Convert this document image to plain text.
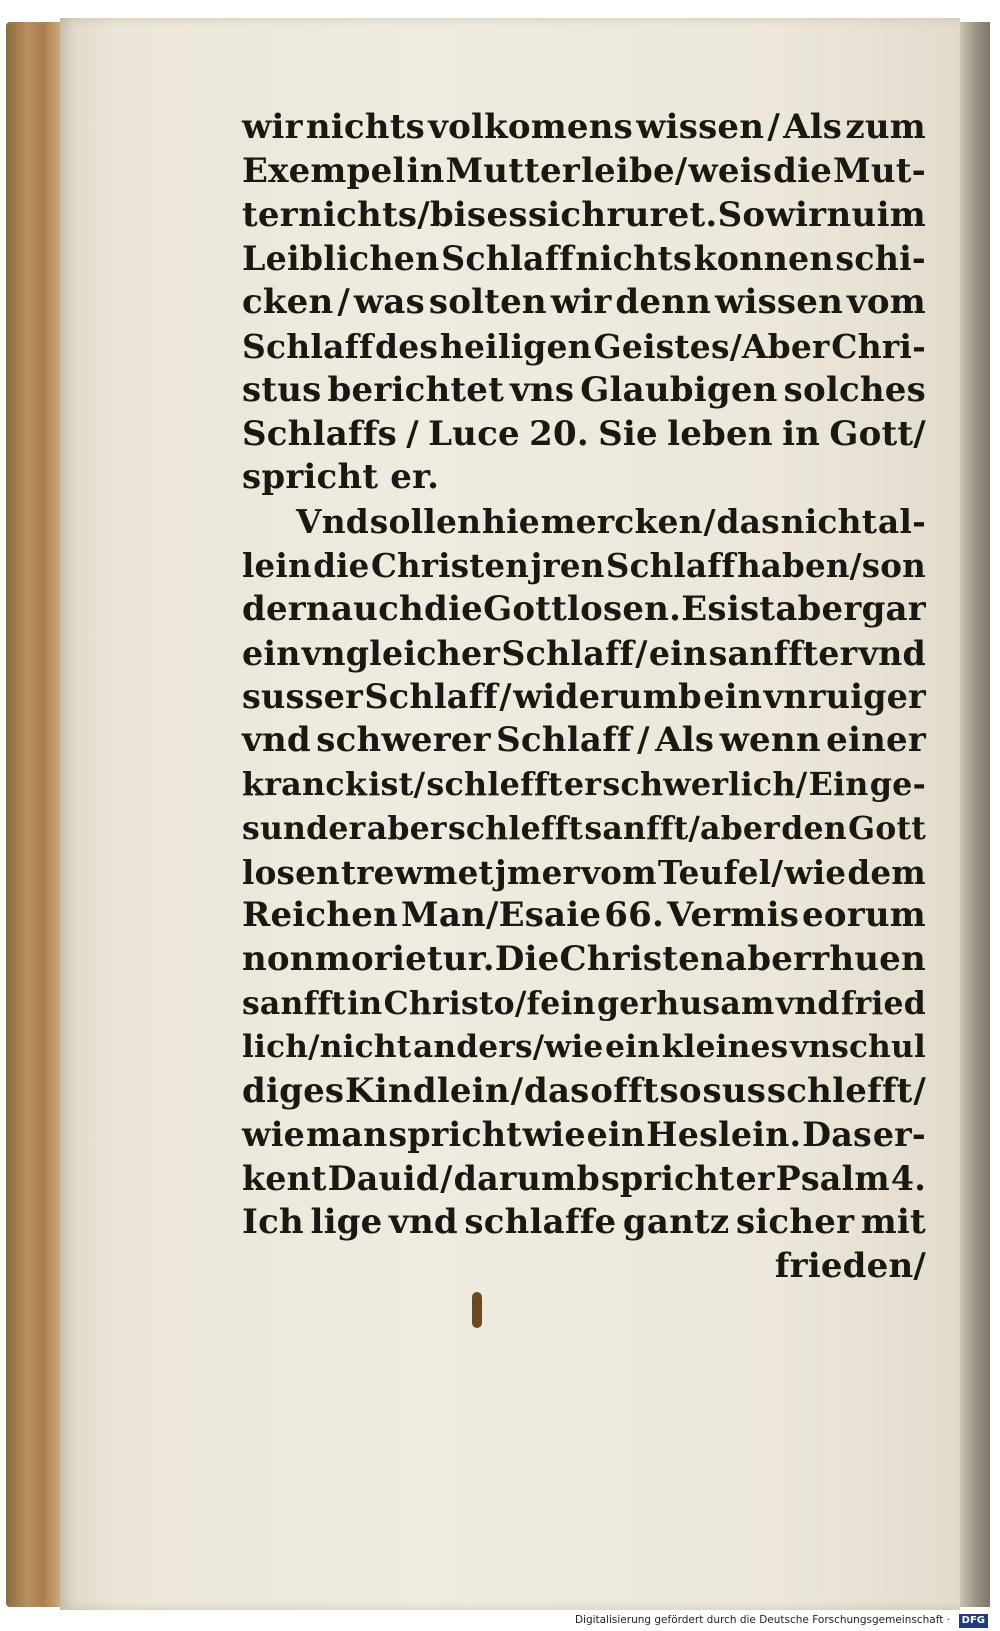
wir nichts volkomens wissen / Als zum
Exempel in Mutter leibe/ weis die Mut-
ter nichts/bis es sich ruret. So wir nu im
Leiblichen Schlaff nichts konnen schi-
cken / was solten wir denn wissen vom
Schlaff des heiligen Geistes/Aber Chri-
stus berichtet vns Glaubigen solches
Schlaffs / Luce 20. Sie leben in Gott/
spricht er.
Vnd sollen hie mercken / das nicht al-
lein die Christen jren Schlaff haben/son
dern auch die Gottlosen. Es ist aber gar
ein vngleicher Schlaff / ein sanffter vnd
susser Schlaff / widerumb ein vnruiger
vnd schwerer Schlaff / Als wenn einer
kranck ist/ schlefft er schwerlich/ Ein ge-
sunder aber schlefft sanfft/aber den Gott
losen trewmet jmer vom Teufel/ wie dem
Reichen Man/Esaie 66. Vermis eorum
non morietur. Die Christen aber rhuen
sanfft in Christo/fein gerhusam vnd fried
lich/nicht anders/wie ein kleines vnschul
diges Kindlein / das offt so sus schlefft /
wie man spricht wie ein Heslein. Das er-
kent Dauid / darumb spricht er Psalm 4.
Ich lige vnd schlaffe gantz sicher mit
frieden/
Digitalisierung gefördert durch die Deutsche Forschungsgemeinschaft ·	DFG
